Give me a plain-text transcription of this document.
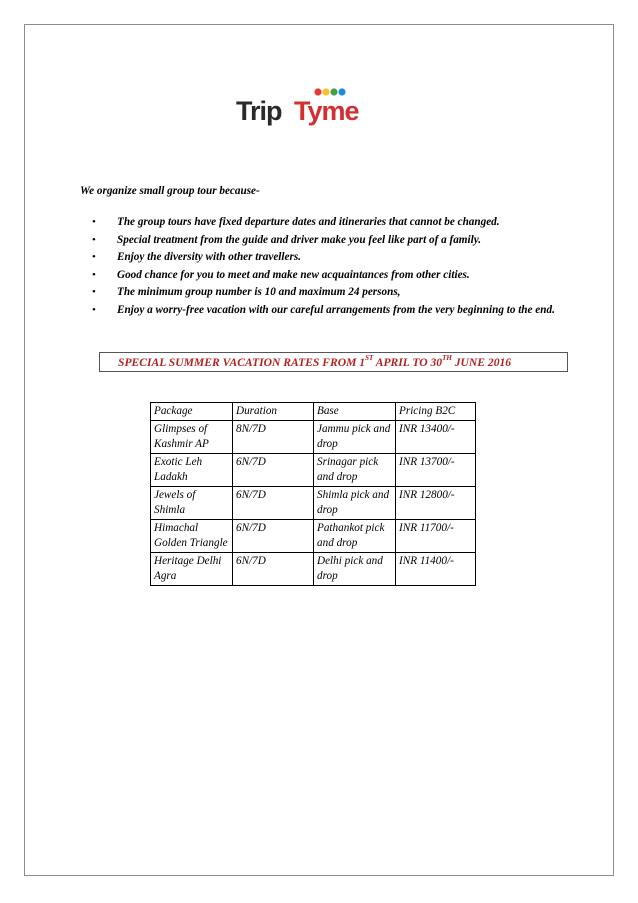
Trip Tyme

We organize small group tour because-

• The group tours have fixed departure dates and itineraries that cannot be changed.
• Special treatment from the guide and driver make you feel like part of a family.
• Enjoy the diversity with other travellers.
• Good chance for you to meet and make new acquaintances from other cities.
• The minimum group number is 10 and maximum 24 persons,
• Enjoy a worry-free vacation with our careful arrangements from the very beginning to the end.
SPECIAL SUMMER VACATION RATES FROM 1ST APRIL TO 30TH JUNE 2016
Package	Duration	Base	Pricing B2C
Glimpses of Kashmir AP	8N/7D	Jammu pick and drop	INR 13400/-
Exotic Leh Ladakh	6N/7D	Srinagar pick and drop	INR 13700/-
Jewels of Shimla	6N/7D	Shimla pick and drop	INR 12800/-
Himachal Golden Triangle	6N/7D	Pathankot pick and drop	INR 11700/-
Heritage Delhi Agra	6N/7D	Delhi pick and drop	INR 11400/-
